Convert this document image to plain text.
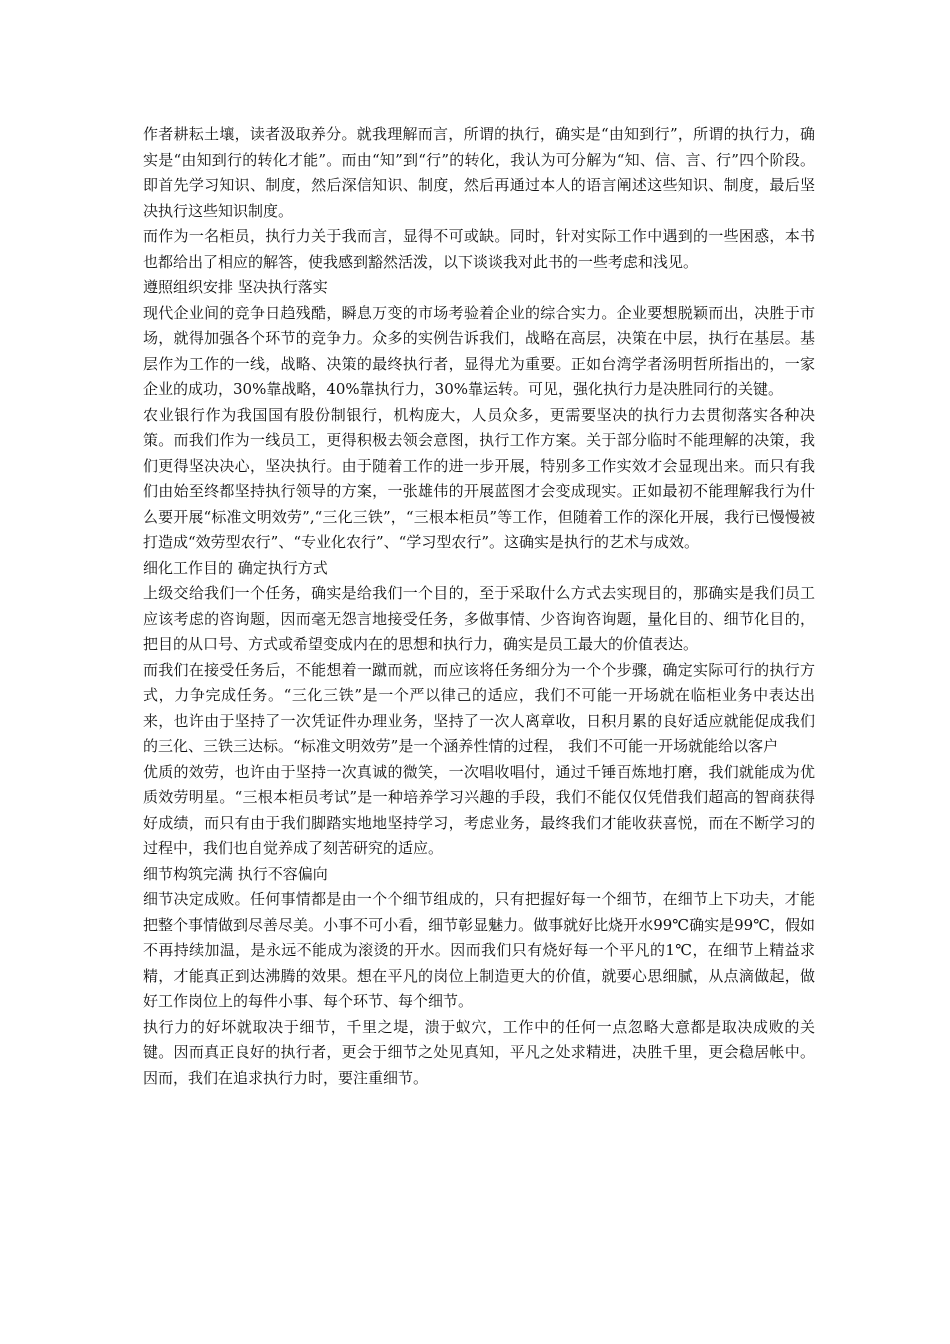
作者耕耘土壤，读者汲取养分。就我理解而言，所谓的执行，确实是“由知到行”，所谓的执行力，确实是“由知到行的转化才能”。而由“知”到“行”的转化，我认为可分解为“知、信、言、行”四个阶段。即首先学习知识、制度，然后深信知识、制度，然后再通过本人的语言阐述这些知识、制度，最后坚决执行这些知识制度。

而作为一名柜员，执行力关于我而言，显得不可或缺。同时，针对实际工作中遇到的一些困惑，本书也都给出了相应的解答，使我感到豁然活泼，以下谈谈我对此书的一些考虑和浅见。

遵照组织安排 坚决执行落实

现代企业间的竞争日趋残酷，瞬息万变的市场考验着企业的综合实力。企业要想脱颖而出，决胜于市场，就得加强各个环节的竞争力。众多的实例告诉我们，战略在高层，决策在中层，执行在基层。基层作为工作的一线，战略、决策的最终执行者，显得尤为重要。正如台湾学者汤明哲所指出的，一家企业的成功，30%靠战略，40%靠执行力，30%靠运转。可见，强化执行力是决胜同行的关键。

农业银行作为我国国有股份制银行，机构庞大，人员众多，更需要坚决的执行力去贯彻落实各种决策。而我们作为一线员工，更得积极去领会意图，执行工作方案。关于部分临时不能理解的决策，我们更得坚决决心，坚决执行。由于随着工作的进一步开展，特别多工作实效才会显现出来。而只有我们由始至终都坚持执行领导的方案，一张雄伟的开展蓝图才会变成现实。正如最初不能理解我行为什么要开展“标准文明效劳”,“三化三铁”，“三根本柜员”等工作，但随着工作的深化开展，我行已慢慢被打造成“效劳型农行”、“专业化农行”、“学习型农行”。这确实是执行的艺术与成效。

细化工作目的 确定执行方式

上级交给我们一个任务，确实是给我们一个目的，至于采取什么方式去实现目的，那确实是我们员工应该考虑的咨询题，因而毫无怨言地接受任务，多做事情、少咨询咨询题，量化目的、细节化目的，把目的从口号、方式或希望变成内在的思想和执行力，确实是员工最大的价值表达。

而我们在接受任务后，不能想着一蹴而就，而应该将任务细分为一个个步骤，确定实际可行的执行方式，力争完成任务。“三化三铁”是一个严以律己的适应，我们不可能一开场就在临柜业务中表达出来，也许由于坚持了一次凭证件办理业务，坚持了一次人离章收，日积月累的良好适应就能促成我们的三化、三铁三达标。“标准文明效劳”是一个涵养性情的过程， 我们不可能一开场就能给以客户

优质的效劳，也许由于坚持一次真诚的微笑，一次唱收唱付，通过千锤百炼地打磨，我们就能成为优质效劳明星。“三根本柜员考试”是一种培养学习兴趣的手段，我们不能仅仅凭借我们超高的智商获得好成绩，而只有由于我们脚踏实地地坚持学习，考虑业务，最终我们才能收获喜悦，而在不断学习的过程中，我们也自觉养成了刻苦研究的适应。

细节构筑完满 执行不容偏向

细节决定成败。任何事情都是由一个个细节组成的，只有把握好每一个细节，在细节上下功夫，才能把整个事情做到尽善尽美。小事不可小看，细节彰显魅力。做事就好比烧开水99℃确实是99℃，假如不再持续加温，是永远不能成为滚烫的开水。因而我们只有烧好每一个平凡的1℃，在细节上精益求精，才能真正到达沸腾的效果。想在平凡的岗位上制造更大的价值，就要心思细腻，从点滴做起，做好工作岗位上的每件小事、每个环节、每个细节。

执行力的好坏就取决于细节，千里之堤，溃于蚁穴，工作中的任何一点忽略大意都是取决成败的关键。因而真正良好的执行者，更会于细节之处见真知，平凡之处求精进，决胜千里，更会稳居帐中。因而，我们在追求执行力时，要注重细节。
